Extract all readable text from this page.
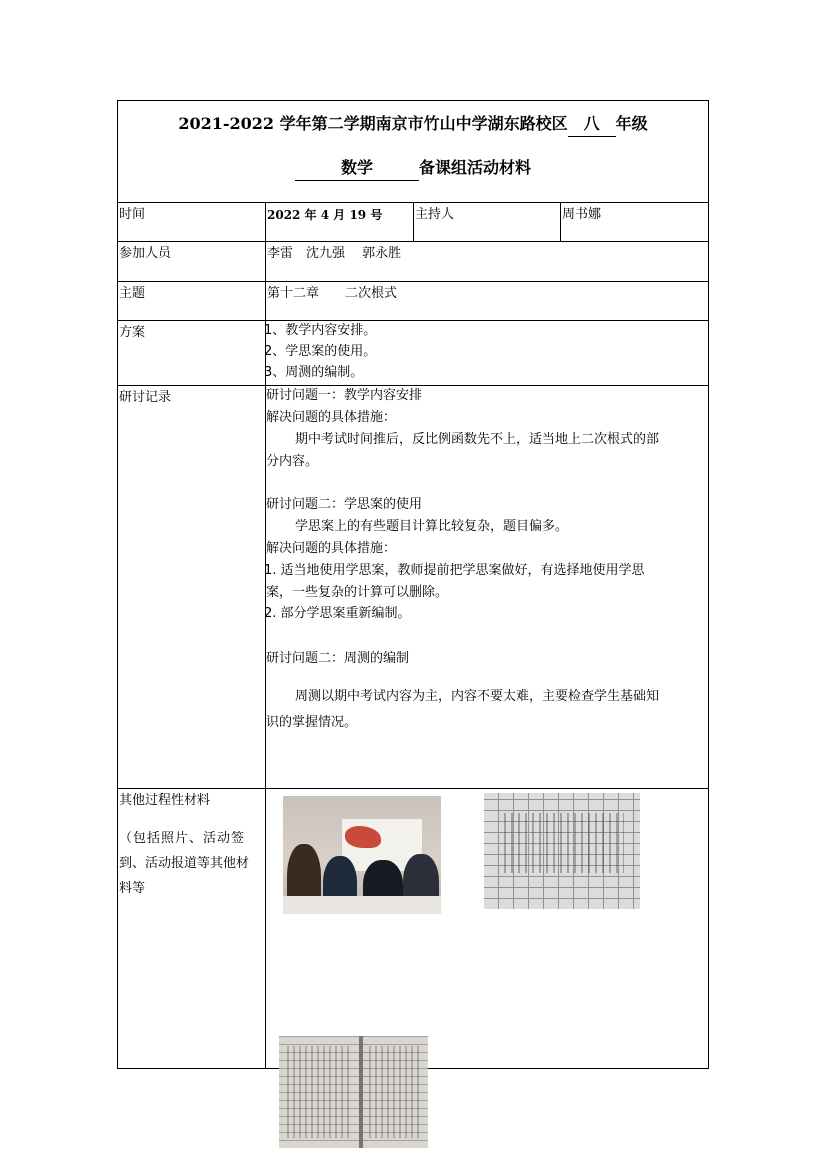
2021-2022 学年第二学期南京市竹山中学湖东路校区 八 年级
数学	备课组活动材料
时间	2022 年 4 月 19 号	主持人	周书娜
参加人员	李雷　沈九强　 郭永胜
主题	第十二章　　二次根式
方案	1、教学内容安排。
2、学思案的使用。
3、周测的编制。
研讨记录	研讨问题一：教学内容安排
解决问题的具体措施：
期中考试时间推后，反比例函数先不上，适当地上二次根式的部
分内容。
研讨问题二：学思案的使用
学思案上的有些题目计算比较复杂，题目偏多。
解决问题的具体措施：
1. 适当地使用学思案，教师提前把学思案做好，有选择地使用学思
案，一些复杂的计算可以删除。
2. 部分学思案重新编制。
研讨问题二：周测的编制
周测以期中考试内容为主，内容不要太难，主要检查学生基础知
识的掌握情况。
其他过程性材料
（包括照片、活动签
到、活动报道等其他材
料等
